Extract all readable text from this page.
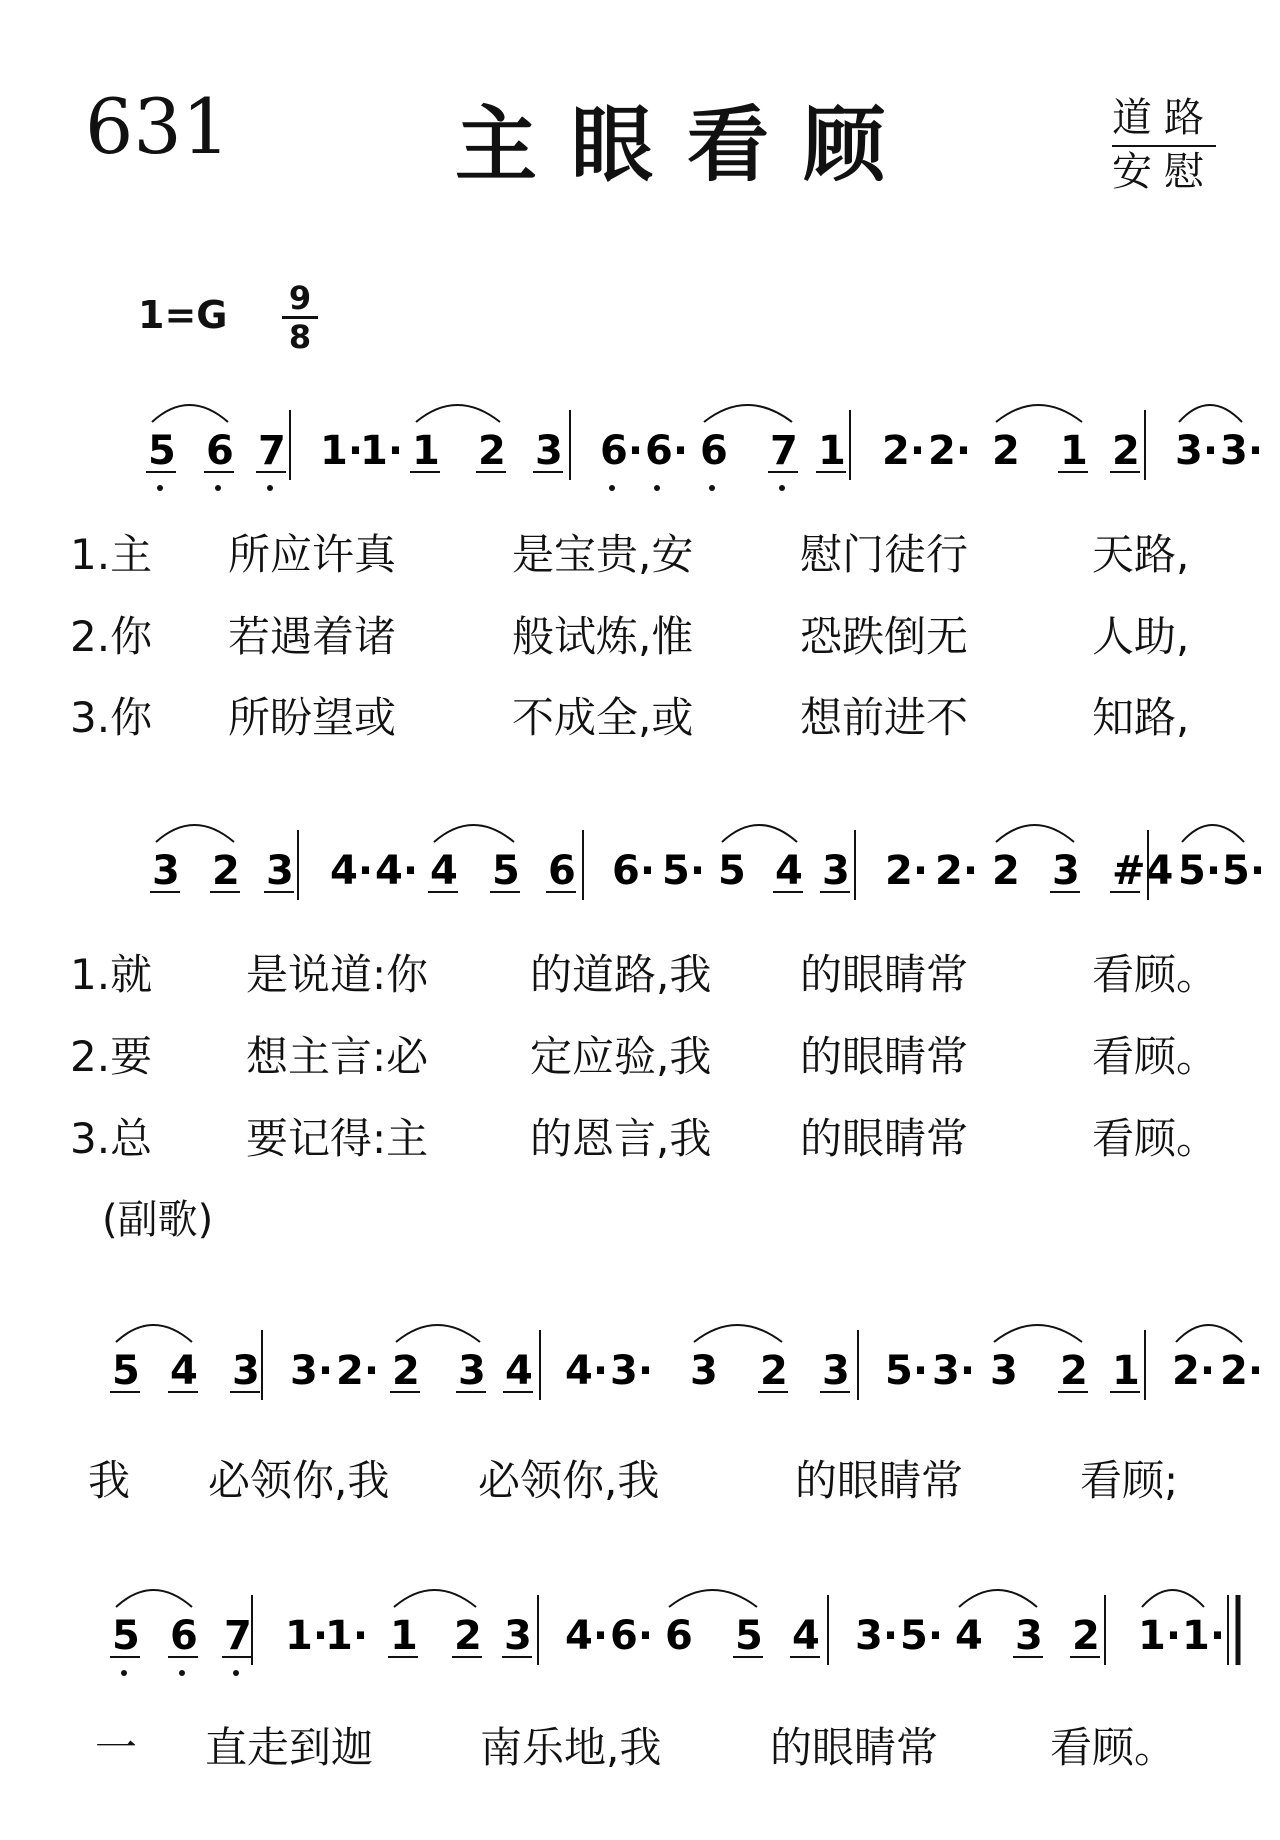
631	主眼看顾	道路
安慰
1=G 9
8
5 6 7 1·
1· 1 2 3 6· 6· 6 7 1 2· 2· 2 1 2 3· 3·
1.主 所应许真	是宝贵,安	慰门徒行	天路,
2.你 若遇着诸	般试炼,惟	恐跌倒无	人助,
3.你 所盼望或	不成全,或	想前进不	知路,
3 2 3 4· 4· 4 5 6 6· 5· 5 4 3 2· 2· 2 3 #4 5· 5·
1.就 是说道:你 的道路,我 的眼睛常	看顾。
2.要 想主言:必 定应验,我 的眼睛常	看顾。
3.总 要记得:主 的恩言,我 的眼睛常	看顾。
(副歌)
5 4 3 3· 2· 2 3 4 4· 3· 3 2 3 5· 3· 3 2 1 2· 2·
我 必领你,我 必领你,我	的眼睛常	看顾;
5 6 7 1·
1· 1 2 3 4· 6· 6 5 4 3· 5· 4 3 2 1· 1·
一 直走到迦	南乐地,我	的眼睛常	看顾。
